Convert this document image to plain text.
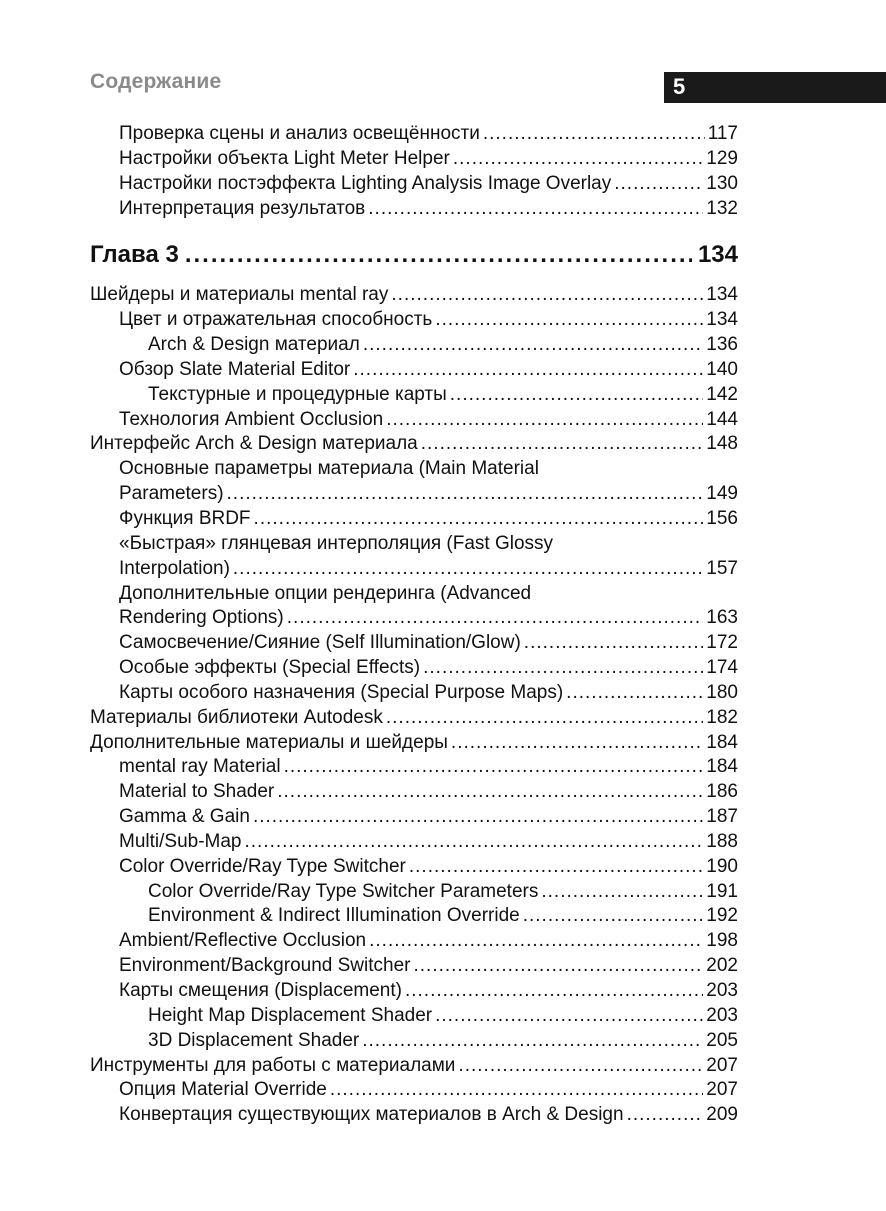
Содержание	5
Проверка сцены и анализ освещённости .....	117
Настройки объекта Light Meter Helper .....	129
Настройки постэффекта Lighting Analysis Image Overlay .....	130
Интерпретация результатов .....	132
Глава 3 .....	134
Шейдеры и материалы mental ray .....	134
Цвет и отражательная способность .....	134
Arch & Design материал .....	136
Обзор Slate Material Editor .....	140
Текстурные и процедурные карты .....	142
Технология Ambient Occlusion .....	144
Интерфейс Arch & Design материала .....	148
Основные параметры материала (Main Material
Parameters) .....	149
Функция BRDF .....	156
«Быстрая» глянцевая интерполяция (Fast Glossy
Interpolation) .....	157
Дополнительные опции рендеринга (Advanced
Rendering Options) .....	163
Самосвечение/Сияние (Self Illumination/Glow) .....	172
Особые эффекты (Special Effects) .....	174
Карты особого назначения (Special Purpose Maps) .....	180
Материалы библиотеки Autodesk .....	182
Дополнительные материалы и шейдеры .....	184
mental ray Material .....	184
Material to Shader .....	186
Gamma & Gain .....	187
Multi/Sub-Map .....	188
Color Override/Ray Type Switcher .....	190
Color Override/Ray Type Switcher Parameters .....	191
Environment & Indirect Illumination Override .....	192
Ambient/Reflective Occlusion .....	198
Environment/Background Switcher .....	202
Карты смещения (Displacement) .....	203
Height Map Displacement Shader .....	203
3D Displacement Shader .....	205
Инструменты для работы с материалами .....	207
Опция Material Override .....	207
Конвертация существующих материалов в Arch & Design .....	209
